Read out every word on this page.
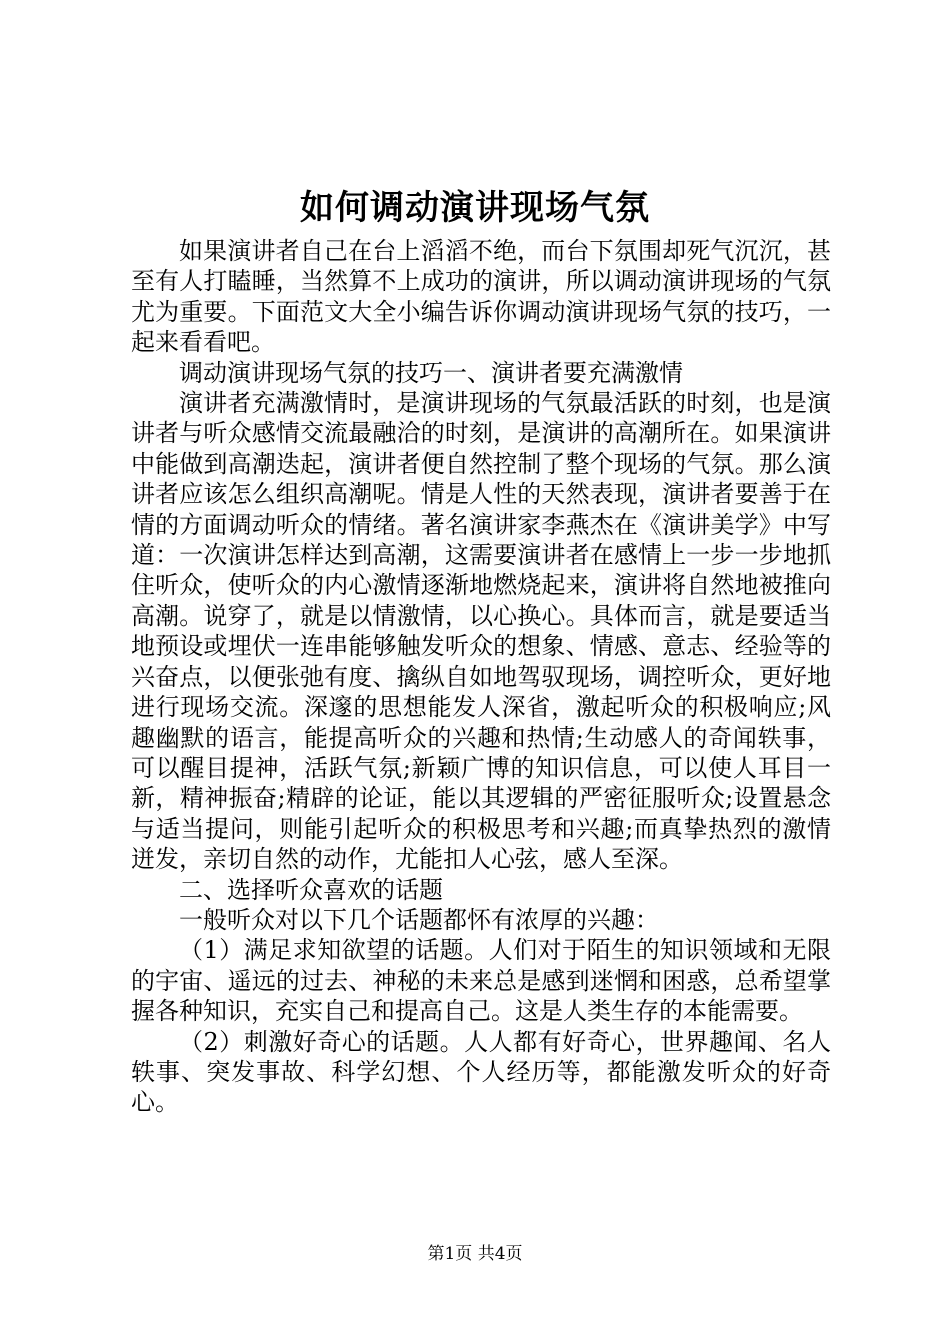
如何调动演讲现场气氛

如果演讲者自己在台上滔滔不绝，而台下氛围却死气沉沉，甚至有人打瞌睡，当然算不上成功的演讲，所以调动演讲现场的气氛尤为重要。下面范文大全小编告诉你调动演讲现场气氛的技巧，一起来看看吧。

调动演讲现场气氛的技巧一、演讲者要充满激情

演讲者充满激情时，是演讲现场的气氛最活跃的时刻，也是演讲者与听众感情交流最融洽的时刻，是演讲的高潮所在。如果演讲中能做到高潮迭起，演讲者便自然控制了整个现场的气氛。那么演讲者应该怎么组织高潮呢。情是人性的天然表现，演讲者要善于在情的方面调动听众的情绪。著名演讲家李燕杰在《演讲美学》中写道：一次演讲怎样达到高潮，这需要演讲者在感情上一步一步地抓住听众，使听众的内心激情逐渐地燃烧起来，演讲将自然地被推向高潮。说穿了，就是以情激情，以心换心。具体而言，就是要适当地预设或埋伏一连串能够触发听众的想象、情感、意志、经验等的兴奋点，以便张弛有度、擒纵自如地驾驭现场，调控听众，更好地进行现场交流。深邃的思想能发人深省，激起听众的积极响应;风趣幽默的语言，能提高听众的兴趣和热情;生动感人的奇闻轶事，可以醒目提神，活跃气氛;新颖广博的知识信息，可以使人耳目一新，精神振奋;精辟的论证，能以其逻辑的严密征服听众;设置悬念与适当提问，则能引起听众的积极思考和兴趣;而真挚热烈的激情迸发，亲切自然的动作，尤能扣人心弦，感人至深。

二、选择听众喜欢的话题

一般听众对以下几个话题都怀有浓厚的兴趣：

（1）满足求知欲望的话题。人们对于陌生的知识领域和无限的宇宙、遥远的过去、神秘的未来总是感到迷惘和困惑，总希望掌握各种知识，充实自己和提高自己。这是人类生存的本能需要。

（2）刺激好奇心的话题。人人都有好奇心，世界趣闻、名人轶事、突发事故、科学幻想、个人经历等，都能激发听众的好奇心。

第1页 共4页
